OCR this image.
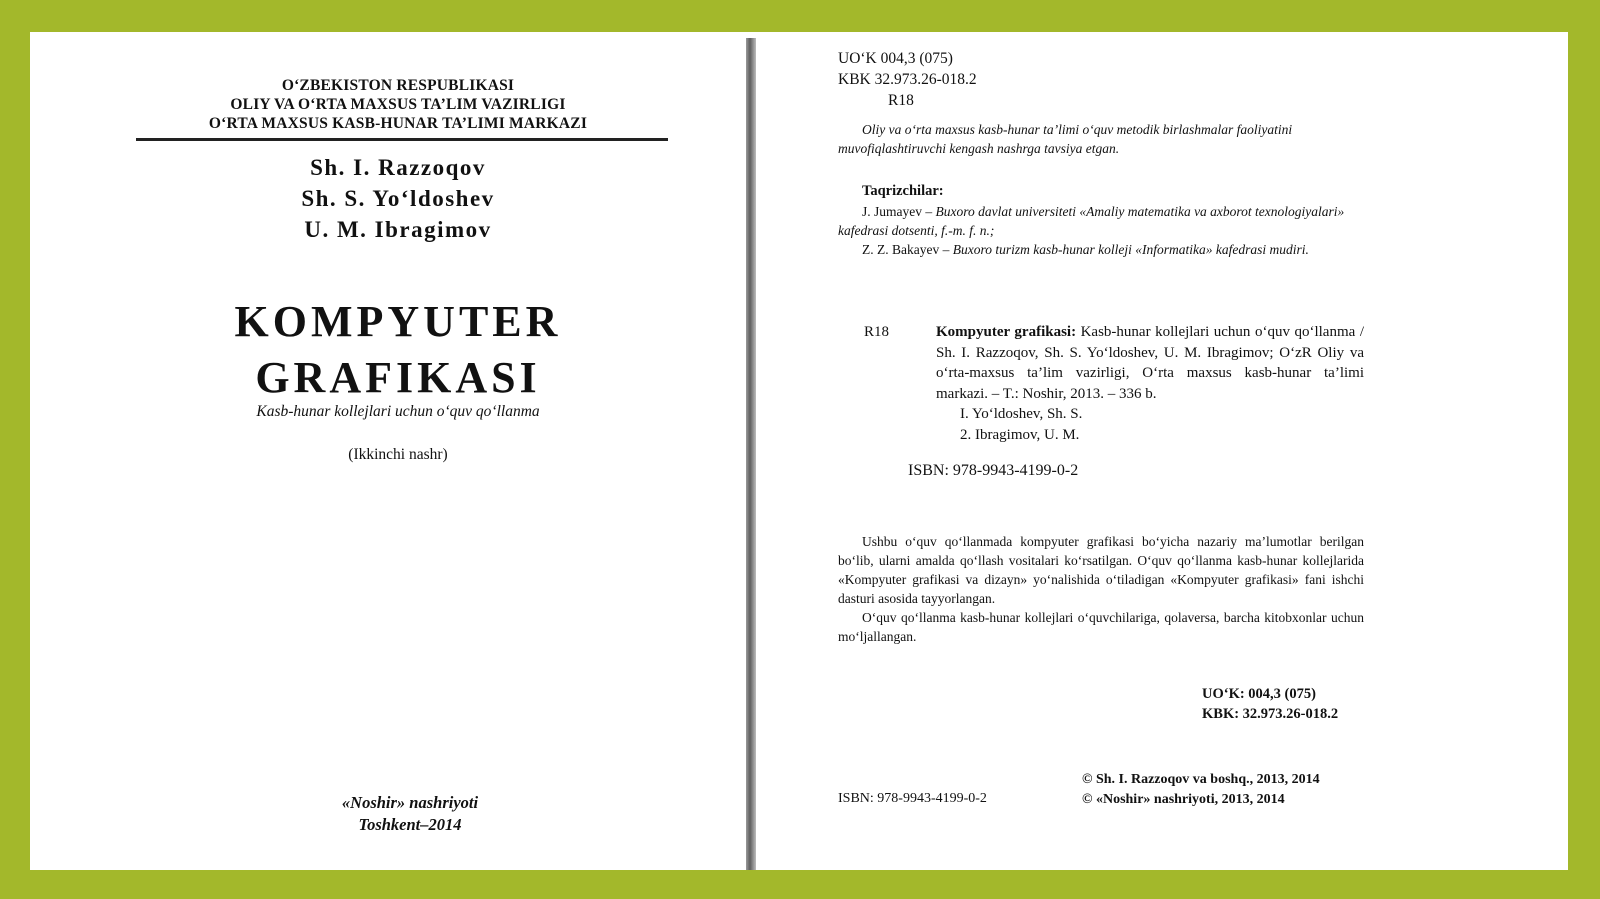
O‘ZBEKISTON RESPUBLIKASI
OLIY VA O‘RTA MAXSUS TA’LIM VAZIRLIGI
O‘RTA MAXSUS KASB-HUNAR TA’LIMI MARKAZI
Sh. I. Razzoqov
Sh. S. Yo‘ldoshev
U. M. Ibragimov
KOMPYUTER
GRAFIKASI
Kasb-hunar kollejlari uchun o‘quv qo‘llanma
(Ikkinchi nashr)
«Noshir» nashriyoti
Toshkent–2014
UO‘K 004,3 (075)
KBK 32.973.26-018.2
R18
Oliy va o‘rta maxsus kasb-hunar ta’limi o‘quv metodik birlashmalar faoliyatini muvofiqlashtiruvchi kengash nashrga tavsiya etgan.
Taqrizchilar:
J. Jumayev – Buxoro davlat universiteti «Amaliy matematika va axborot texnologiyalari» kafedrasi dotsenti, f.-m. f. n.;
Z. Z. Bakayev – Buxoro turizm kasb-hunar kolleji «Informatika» kafedrasi mudiri.
R18	Kompyuter grafikasi: Kasb-hunar kollejlari uchun o‘quv qo‘llanma / Sh. I. Razzoqov, Sh. S. Yo‘ldoshev, U. M. Ibragimov; O‘zR Oliy va o‘rta-maxsus ta’lim vazirligi, O‘rta maxsus kasb-hunar ta’limi markazi. – T.: Noshir, 2013. – 336 b.
I. Yo‘ldoshev, Sh. S.
2. Ibragimov, U. M.
ISBN: 978-9943-4199-0-2

Ushbu o‘quv qo‘llanmada kompyuter grafikasi bo‘yicha nazariy ma’lumotlar berilgan bo‘lib, ularni amalda qo‘llash vositalari ko‘rsatilgan. O‘quv qo‘llanma kasb-hunar kollejlarida «Kompyuter grafikasi va dizayn» yo‘nalishida o‘tiladigan «Kompyuter grafikasi» fani ishchi dasturi asosida tayyorlangan.

O‘quv qo‘llanma kasb-hunar kollejlari o‘quvchilariga, qolaversa, barcha kitobxonlar uchun mo‘ljallangan.

UO‘K: 004,3 (075)
KBK: 32.973.26-018.2
© Sh. I. Razzoqov va boshq., 2013, 2014
© «Noshir» nashriyoti, 2013, 2014
ISBN: 978-9943-4199-0-2
